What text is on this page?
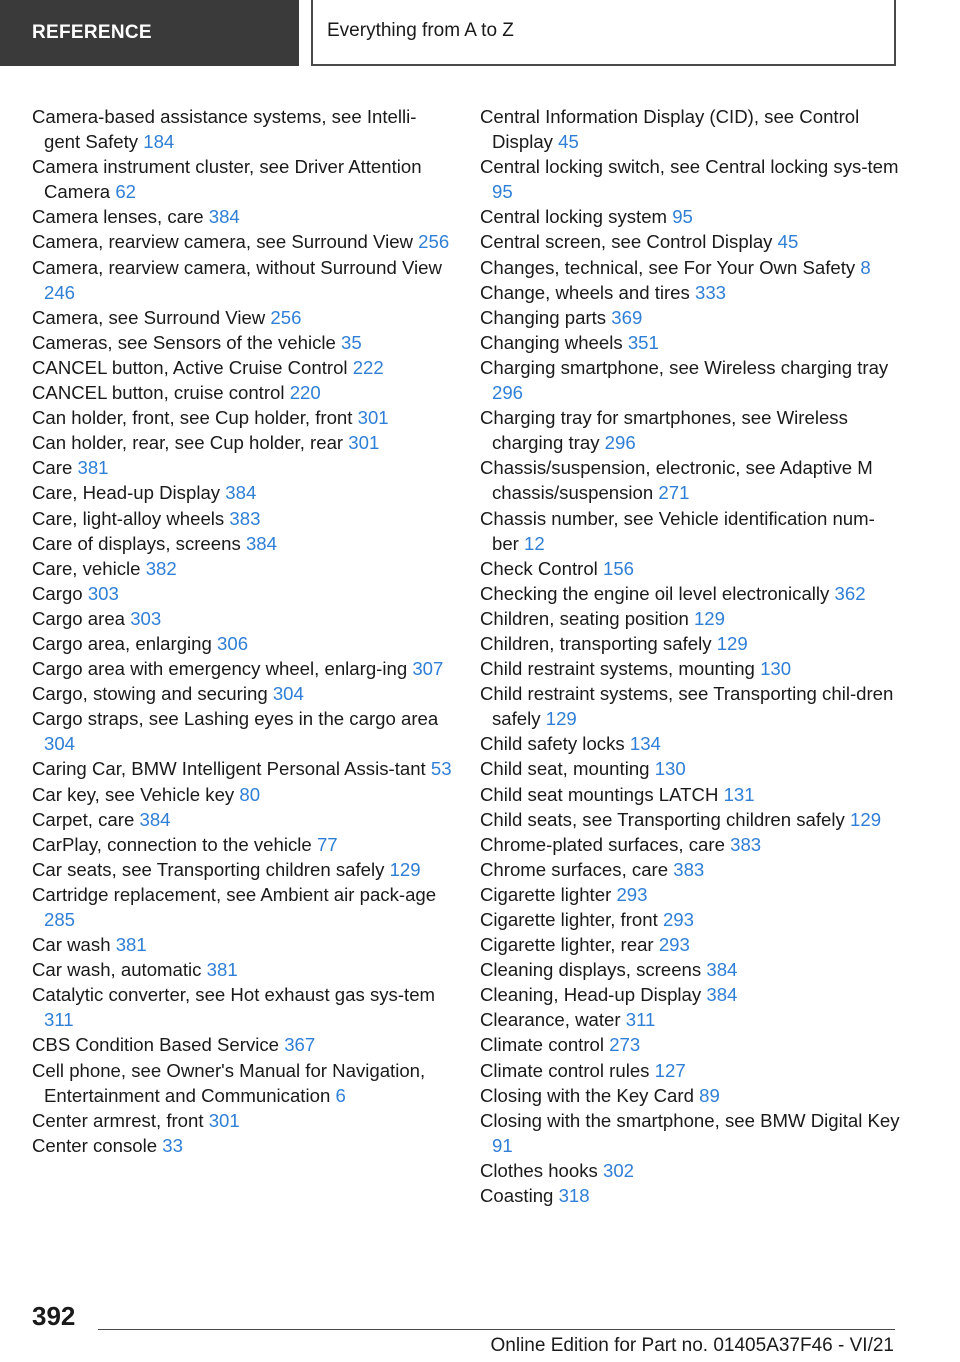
REFERENCE	Everything from A to Z

Camera-based assistance systems, see Intelli‐gent Safety 184

Camera instrument cluster, see Driver Attention Camera 62

Camera lenses, care 384

Camera, rearview camera, see Surround View 256

Camera, rearview camera, without Surround View 246

Camera, see Surround View 256

Cameras, see Sensors of the vehicle 35

CANCEL button, Active Cruise Control 222

CANCEL button, cruise control 220

Can holder, front, see Cup holder, front 301

Can holder, rear, see Cup holder, rear 301

Care 381

Care, Head-up Display 384

Care, light-alloy wheels 383

Care of displays, screens 384

Care, vehicle 382

Cargo 303

Cargo area 303

Cargo area, enlarging 306

Cargo area with emergency wheel, enlarg‐ing 307

Cargo, stowing and securing 304

Cargo straps, see Lashing eyes in the cargo area 304

Caring Car, BMW Intelligent Personal Assis‐tant 53

Car key, see Vehicle key 80

Carpet, care 384

CarPlay, connection to the vehicle 77

Car seats, see Transporting children safely 129

Cartridge replacement, see Ambient air pack‐age 285

Car wash 381

Car wash, automatic 381

Catalytic converter, see Hot exhaust gas sys‐tem 311

CBS Condition Based Service 367

Cell phone, see Owner's Manual for Navigation, Entertainment and Communication 6

Center armrest, front 301

Center console 33

Central Information Display (CID), see Control Display 45

Central locking switch, see Central locking sys‐tem 95

Central locking system 95

Central screen, see Control Display 45

Changes, technical, see For Your Own Safety 8

Change, wheels and tires 333

Changing parts 369

Changing wheels 351

Charging smartphone, see Wireless charging tray 296

Charging tray for smartphones, see Wireless charging tray 296

Chassis/suspension, electronic, see Adaptive M chassis/suspension 271

Chassis number, see Vehicle identification num‐ber 12

Check Control 156

Checking the engine oil level electronically 362

Children, seating position 129

Children, transporting safely 129

Child restraint systems, mounting 130

Child restraint systems, see Transporting chil‐dren safely 129

Child safety locks 134

Child seat, mounting 130

Child seat mountings LATCH 131

Child seats, see Transporting children safely 129

Chrome-plated surfaces, care 383

Chrome surfaces, care 383

Cigarette lighter 293

Cigarette lighter, front 293

Cigarette lighter, rear 293

Cleaning displays, screens 384

Cleaning, Head-up Display 384

Clearance, water 311

Climate control 273

Climate control rules 127

Closing with the Key Card 89

Closing with the smartphone, see BMW Digital Key 91

Clothes hooks 302

Coasting 318

392
Online Edition for Part no. 01405A37F46 - VI/21
